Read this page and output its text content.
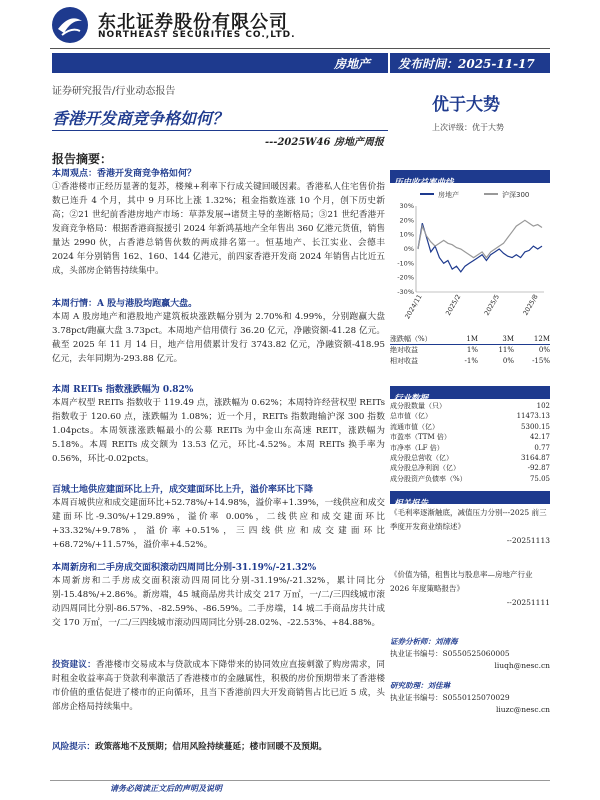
东北证券股份有限公司
NORTHEAST SECURITIES CO.,LTD.
房地产 发布时间：2025-11-17
证券研究报告/行业动态报告
香港开发商竞争格如何？
---2025W46 房地产周报
优于大势
上次评级：优于大势
报告摘要：
本周观点：香港开发商竞争格如何？
①香港楼市正经历显著的复苏，楼辣+利率下行成关键回暖因素。香港私人住宅售价指数已连升 4 个月，其中 9 月环比上涨 1.32%；租金指数连涨 10 个月，创下历史新高；②21 世纪前香港房地产市场：草莽发展→诸贤主导的垄断格局；③21 世纪香港开发商竞争格局：根据香港商报援引 2024 年新鸿基地产全年售出 360 亿港元货值，销售量达 2990 伙，占香港总销售伙数的两成排名第一。恒基地产、长江实业、会德丰 2024 年分别销售 162、160、144 亿港元，前四家香港开发商 2024 年销售占比近五成，头部房企销售持续集中。
本周行情：A 股与港股均跑赢大盘。
本周 A 股房地产和港股地产建筑板块涨跌幅分别为 2.70%和 4.99%，分别跑赢大盘 3.78pct/跑赢大盘 3.73pct。本周地产信用债行 36.20 亿元，净融资额-41.28 亿元。截至 2025 年 11 月 14 日，地产信用债累计发行 3743.82 亿元，净融资额-418.95 亿元，去年同期为-293.88 亿元。
本周 REITs 指数涨跌幅为 0.82%
本周产权型 REITs 指数收于 119.49 点，涨跌幅为 0.62%；本周特许经营权型 REITs 指数收于 120.60 点，涨跌幅为 1.08%；近一个月，REITs 指数跑输沪深 300 指数 1.04pcts。本周领涨涨跌幅最小的公募 REITs 为中金山东高速 REIT，涨跌幅为 5.18%。本周 REITs 成交额为 13.53 亿元，环比-4.52%。本周 REITs 换手率为 0.56%，环比-0.02pcts。
百城土地供应建面环比上升，成交建面环比上升，溢价率环比下降
本周百城供应和成交建面环比+52.78%/+14.98%，溢价率+1.39%，一线供应和成交建面环比-9.30%/+129.89%，溢价率 0.00%，二线供应和成交建面环比+33.32%/+9.78%，溢价率+0.51%，三四线供应和成交建面环比+68.72%/+11.57%，溢价率+4.52%。
本周新房和二手房成交面积滚动四周同比分别-31.19%/-21.32%
本周新房和二手房成交面积滚动四周同比分别-31.19%/-21.32%，累计同比分别-15.48%/+2.86%。新房端，45 城商品房共计成交 217 万㎡，一/二/三四线城市滚动四周同比分别-86.57%、-82.59%、-86.59%。二手房端，14 城二手商品房共计成交 170 万㎡，一/二/三四线城市滚动四周同比分别-28.02%、-22.53%、+84.88%。
投资建议：香港楼市交易成本与贷款成本下降带来的协同效应直接刺激了购房需求，同时租金收益率高于贷款利率激活了香港楼市的金融属性，积极的房价预期带来了香港楼市价值的重估促进了楼市的正向循环，且当下香港前四大开发商销售占比已近 5 成，头部房企格局持续集中。
风险提示：政策落地不及预期；信用风险持续蔓延；楼市回暖不及预期。
历史收益率曲线
房地产	沪深300
30%
20%
10%
0%
-10%
-20%
-30%
2024/11	2025/2	2025/5	2025/8
涨跌幅（%）	1M	3M	12M
绝对收益	1%	11%	0%
相对收益	-1%	0%	-15%
行业数据
成分股数量（只）	102
总市值（亿）	11473.13
流通市值（亿）	5300.15
市盈率（TTM 倍）	42.17
市净率（LF 倍）	0.77
成分股总营收（亿）	3164.87
成分股总净利润（亿）	-92.87
成分股资产负债率（%）	75.05
相关报告
《毛利率逐渐触底，减值压力分别---2025 前三季度开发商业绩综述》
--20251113
《价值为锚，租售比与股息率—房地产行业 2026 年度策略报告》
--20251111
证券分析师：刘清海
执业证书编号：S0550525060005
liuqh@nesc.cn
研究助理：刘佳琳
执业证书编号：S0550125070029
liuzc@nesc.cn
请务必阅读正文后的声明及说明
